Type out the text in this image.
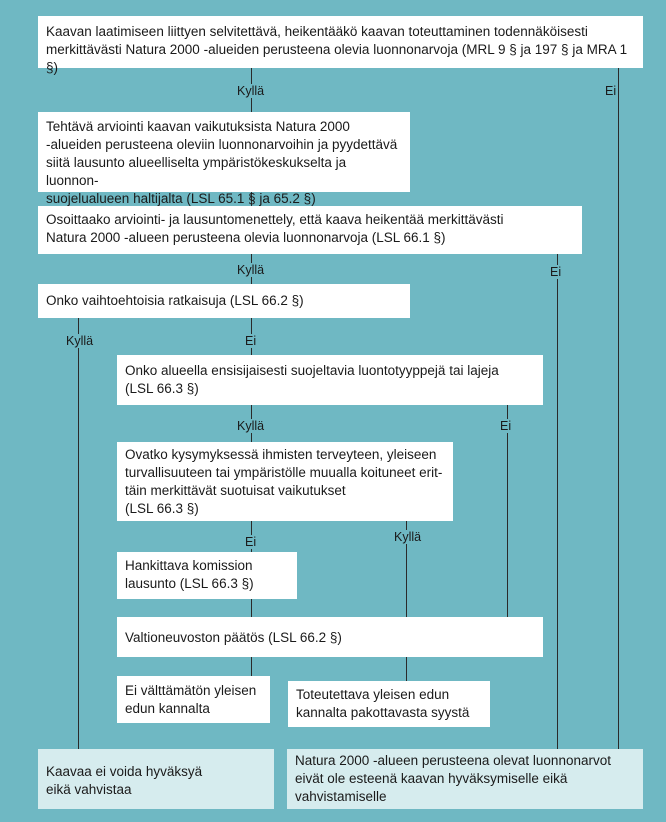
Kaavan laatimiseen liittyen selvitettävä, heikentääkö kaavan toteuttaminen todennäköisesti
merkittävästi Natura 2000 -alueiden perusteena olevia luonnonarvoja (MRL 9 § ja 197 § ja MRA 1 §)
Tehtävä arviointi kaavan vaikutuksista Natura 2000
-alueiden perusteena oleviin luonnonarvoihin ja pyydettävä
siitä lausunto alueelliselta ympäristökeskukselta ja luonnon-
suojelualueen haltijalta (LSL 65.1 § ja 65.2 §)
Osoittaako arviointi- ja lausuntomenettely, että kaava heikentää merkittävästi
Natura 2000 -alueen perusteena olevia luonnonarvoja (LSL 66.1 §)
Onko vaihtoehtoisia ratkaisuja (LSL 66.2 §)
Onko alueella ensisijaisesti suojeltavia luontotyyppejä tai lajeja
(LSL 66.3 §)
Ovatko kysymyksessä ihmisten terveyteen, yleiseen
turvallisuuteen tai ympäristölle muualla koituneet erit-
täin merkittävät suotuisat vaikutukset
(LSL 66.3 §)
Hankittava komission
lausunto (LSL 66.3 §)
Valtioneuvoston päätös (LSL 66.2 §)
Ei välttämätön yleisen
edun kannalta
Toteutettava yleisen edun
kannalta pakottavasta syystä
Kaavaa ei voida hyväksyä
eikä vahvistaa
Natura 2000 -alueen perusteena olevat luonnonarvot
eivät ole esteenä kaavan hyväksymiselle eikä
vahvistamiselle
Kyllä	Ei
Kyllä	Ei
Kyllä	Ei
Kyllä	Ei
Ei	Kyllä
